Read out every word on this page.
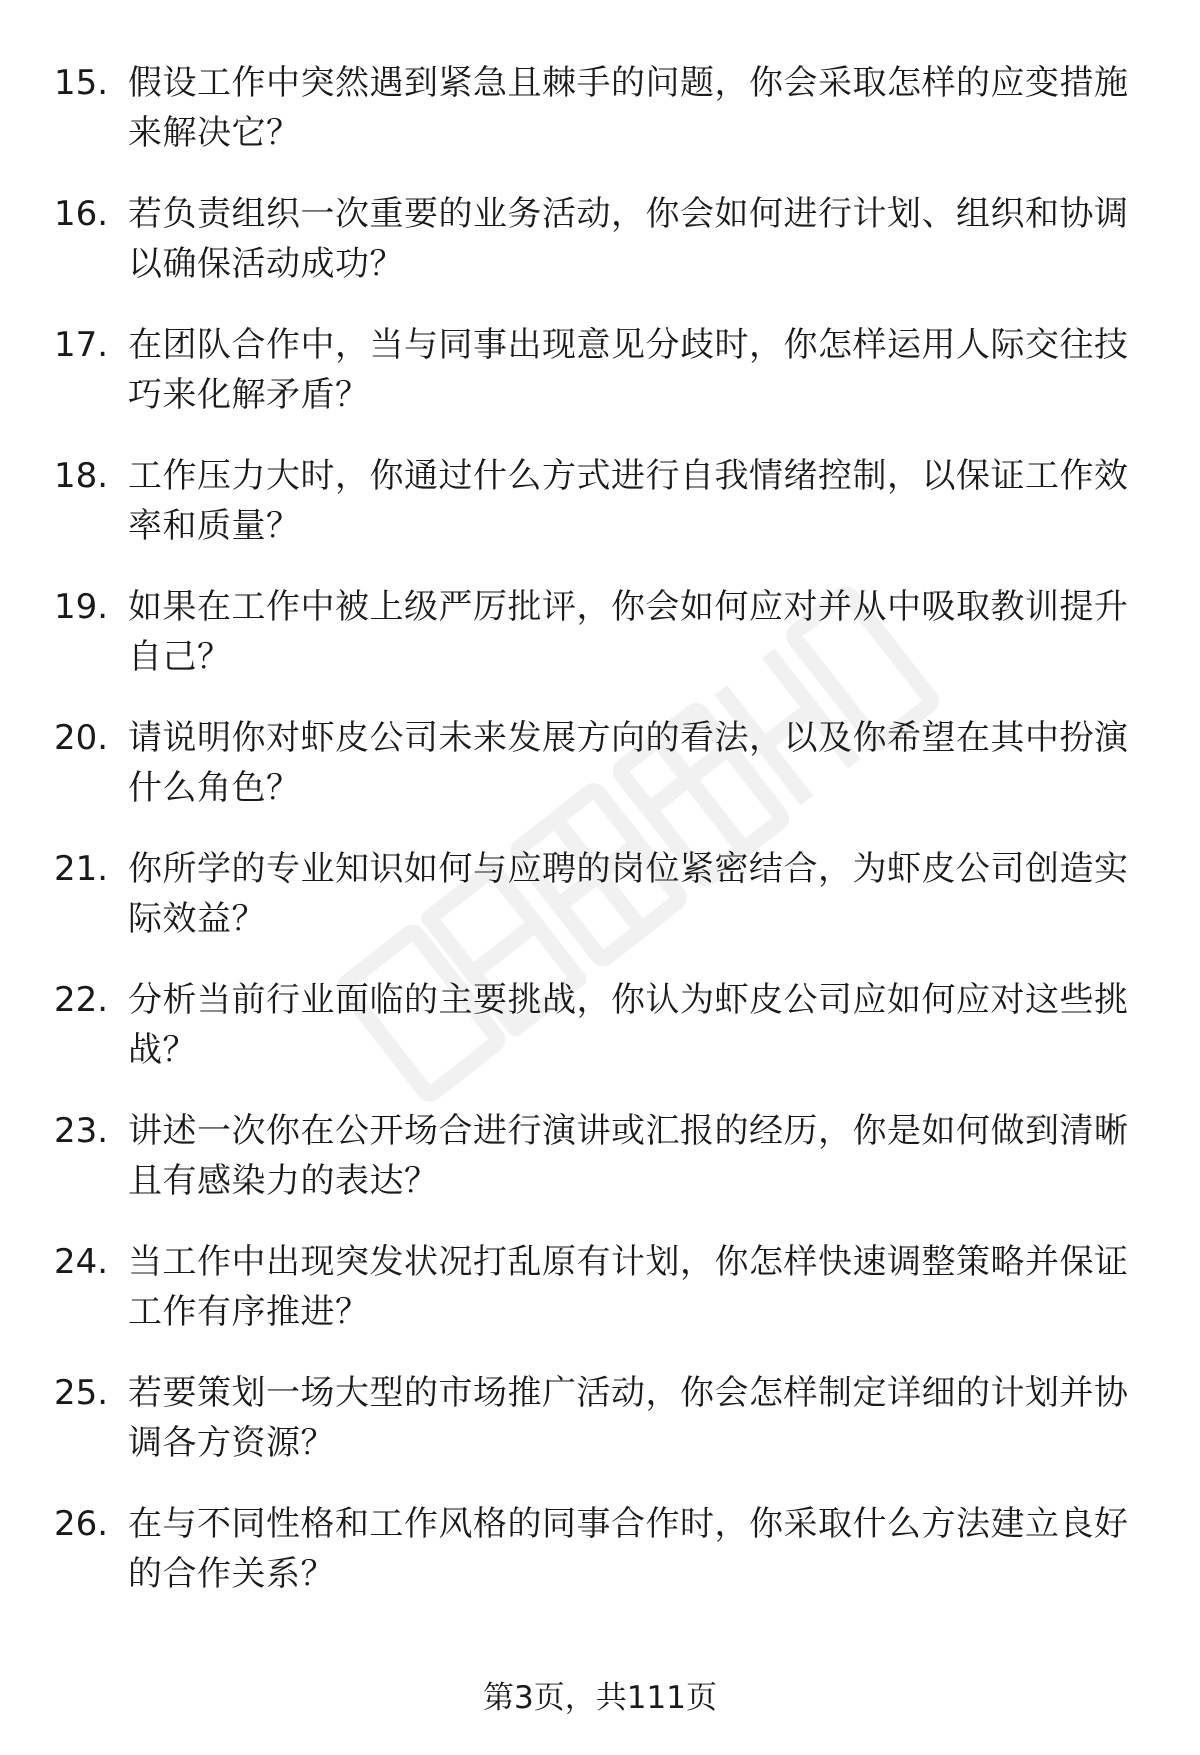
15. 假设工作中突然遇到紧急且棘手的问题，你会采取怎样的应变措施来解决它？
16. 若负责组织一次重要的业务活动，你会如何进行计划、组织和协调以确保活动成功？
17. 在团队合作中，当与同事出现意见分歧时，你怎样运用人际交往技巧来化解矛盾？
18. 工作压力大时，你通过什么方式进行自我情绪控制，以保证工作效率和质量？
19. 如果在工作中被上级严厉批评，你会如何应对并从中吸取教训提升自己？
20. 请说明你对虾皮公司未来发展方向的看法，以及你希望在其中扮演什么角色？
21. 你所学的专业知识如何与应聘的岗位紧密结合，为虾皮公司创造实际效益？
22. 分析当前行业面临的主要挑战，你认为虾皮公司应如何应对这些挑战？
23. 讲述一次你在公开场合进行演讲或汇报的经历，你是如何做到清晰且有感染力的表达？
24. 当工作中出现突发状况打乱原有计划，你怎样快速调整策略并保证工作有序推进？
25. 若要策划一场大型的市场推广活动，你会怎样制定详细的计划并协调各方资源？
26. 在与不同性格和工作风格的同事合作时，你采取什么方法建立良好的合作关系？
第3页，共111页
